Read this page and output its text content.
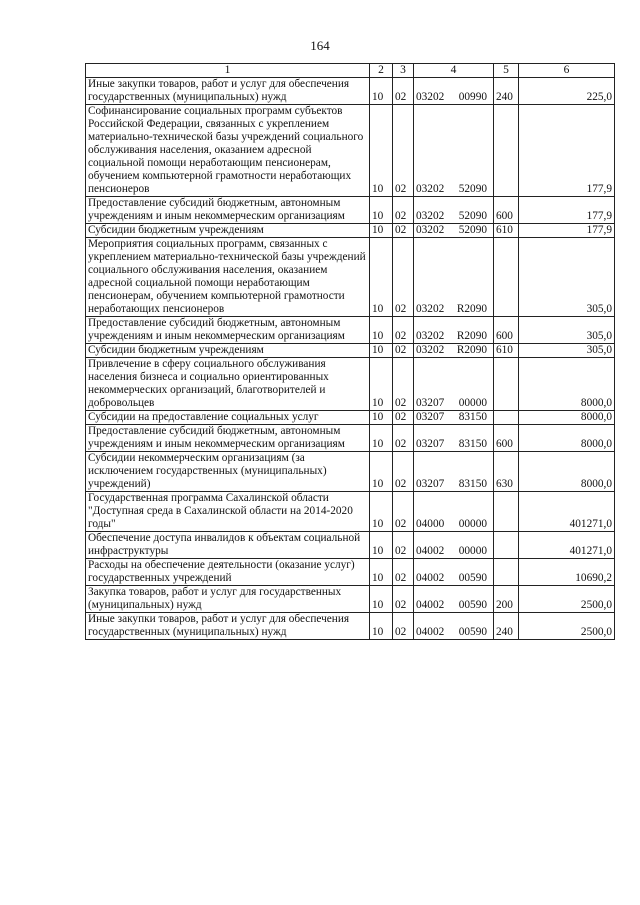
164
1	2	3	4	5	6
Иные закупки товаров, работ и услуг для обеспечения государственных (муниципальных) нужд	10	02	03202 00990	240	225,0
Софинансирование социальных программ субъектов Российской Федерации, связанных с укреплением материально-технической базы учреждений социального обслуживания населения, оказанием адресной социальной помощи неработающим пенсионерам, обучением компьютерной грамотности неработающих пенсионеров	10	02	03202 52090		177,9
Предоставление субсидий бюджетным, автономным учреждениям и иным некоммерческим организациям	10	02	03202 52090	600	177,9
Субсидии бюджетным учреждениям	10	02	03202 52090	610	177,9
Мероприятия социальных программ, связанных с укреплением материально-технической базы учреждений социального обслуживания населения, оказанием адресной социальной помощи неработающим пенсионерам, обучением компьютерной грамотности неработающих пенсионеров	10	02	03202 R2090		305,0
Предоставление субсидий бюджетным, автономным учреждениям и иным некоммерческим организациям	10	02	03202 R2090	600	305,0
Субсидии бюджетным учреждениям	10	02	03202 R2090	610	305,0
Привлечение в сферу социального обслуживания населения бизнеса и социально ориентированных некоммерческих организаций, благотворителей и добровольцев	10	02	03207 00000		8000,0
Субсидии на предоставление социальных услуг	10	02	03207 83150		8000,0
Предоставление субсидий бюджетным, автономным учреждениям и иным некоммерческим организациям	10	02	03207 83150	600	8000,0
Субсидии некоммерческим организациям (за исключением государственных (муниципальных) учреждений)	10	02	03207 83150	630	8000,0
Государственная программа Сахалинской области "Доступная среда в Сахалинской области на 2014-2020 годы"	10	02	04000 00000		401271,0
Обеспечение доступа инвалидов к объектам социальной инфраструктуры	10	02	04002 00000		401271,0
Расходы на обеспечение деятельности (оказание услуг) государственных учреждений	10	02	04002 00590		10690,2
Закупка товаров, работ и услуг для государственных (муниципальных) нужд	10	02	04002 00590	200	2500,0
Иные закупки товаров, работ и услуг для обеспечения государственных (муниципальных) нужд	10	02	04002 00590	240	2500,0
